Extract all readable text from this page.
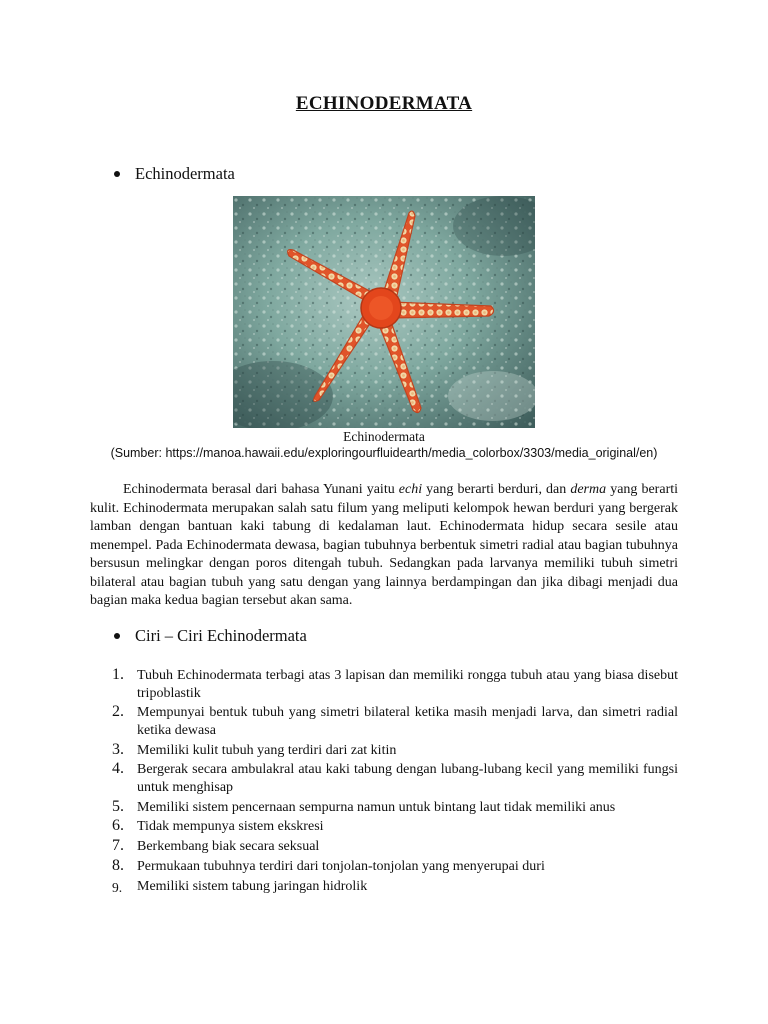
ECHINODERMATA
Echinodermata
Echinodermata
(Sumber: https://manoa.hawaii.edu/exploringourfluidearth/media_colorbox/3303/media_original/en)

Echinodermata berasal dari bahasa Yunani yaitu echi yang berarti berduri, dan derma yang berarti kulit. Echinodermata merupakan salah satu filum yang meliputi kelompok hewan berduri yang bergerak lamban dengan bantuan kaki tabung di kedalaman laut. Echinodermata hidup secara sesile atau menempel. Pada Echinodermata dewasa, bagian tubuhnya berbentuk simetri radial atau bagian tubuhnya bersusun melingkar dengan poros ditengah tubuh. Sedangkan pada larvanya memiliki tubuh simetri bilateral atau bagian tubuh yang satu dengan yang lainnya berdampingan dan jika dibagi menjadi dua bagian maka kedua bagian tersebut akan sama.

Ciri – Ciri Echinodermata
1. Tubuh Echinodermata terbagi atas 3 lapisan dan memiliki rongga tubuh atau yang biasa disebut tripoblastik
2. Mempunyai bentuk tubuh yang simetri bilateral ketika masih menjadi larva, dan simetri radial ketika dewasa
3. Memiliki kulit tubuh yang terdiri dari zat kitin
4. Bergerak secara ambulakral atau kaki tabung dengan lubang-lubang kecil yang memiliki fungsi untuk menghisap
5. Memiliki sistem pencernaan sempurna namun untuk bintang laut tidak memiliki anus
6. Tidak mempunya sistem ekskresi
7. Berkembang biak secara seksual
8. Permukaan tubuhnya terdiri dari tonjolan-tonjolan yang menyerupai duri
9. Memiliki sistem tabung jaringan hidrolik
